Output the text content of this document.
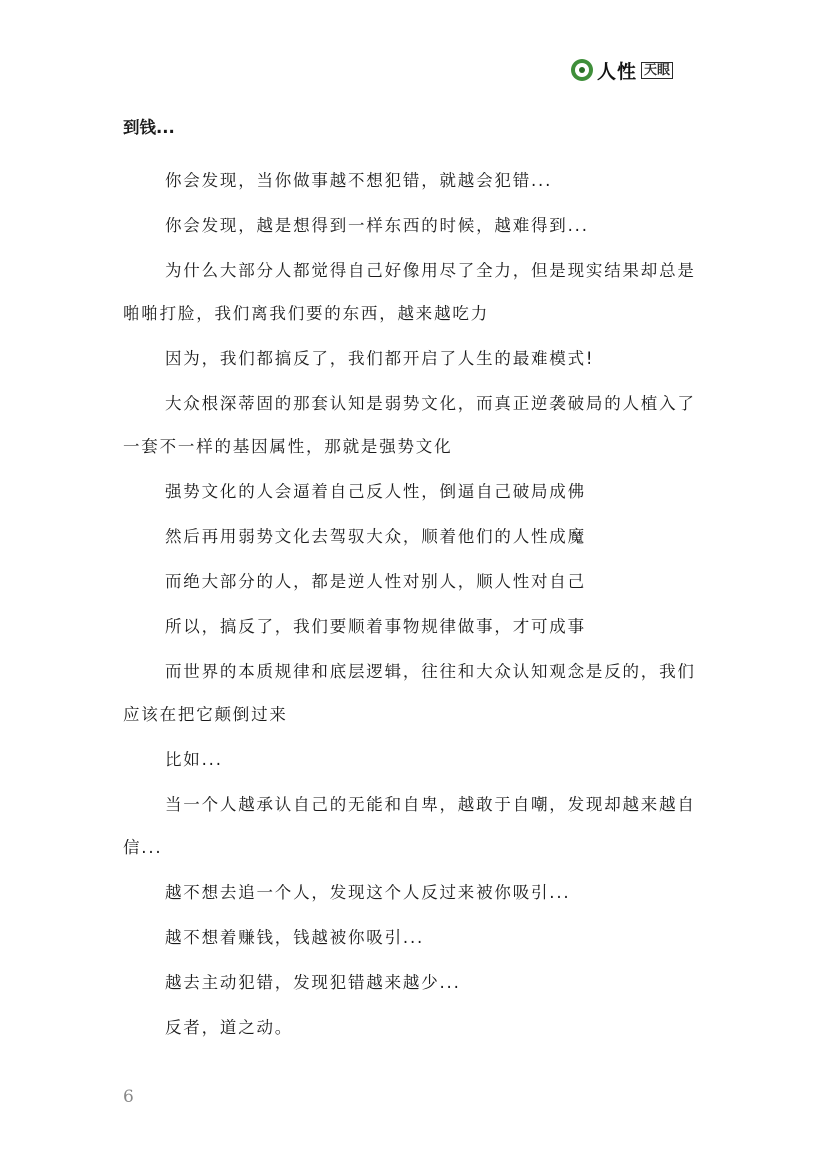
人性 天眼

到钱...

你会发现，当你做事越不想犯错，就越会犯错...

你会发现，越是想得到一样东西的时候，越难得到...

为什么大部分人都觉得自己好像用尽了全力，但是现实结果却总是啪啪打脸，我们离我们要的东西，越来越吃力

因为，我们都搞反了，我们都开启了人生的最难模式!

大众根深蒂固的那套认知是弱势文化，而真正逆袭破局的人植入了一套不一样的基因属性，那就是强势文化

强势文化的人会逼着自己反人性，倒逼自己破局成佛

然后再用弱势文化去驾驭大众，顺着他们的人性成魔

而绝大部分的人，都是逆人性对别人，顺人性对自己

所以，搞反了，我们要顺着事物规律做事，才可成事

而世界的本质规律和底层逻辑，往往和大众认知观念是反的，我们应该在把它颠倒过来

比如...

当一个人越承认自己的无能和自卑，越敢于自嘲，发现却越来越自信...

越不想去追一个人，发现这个人反过来被你吸引...

越不想着赚钱，钱越被你吸引...

越去主动犯错，发现犯错越来越少...

反者，道之动。

6
